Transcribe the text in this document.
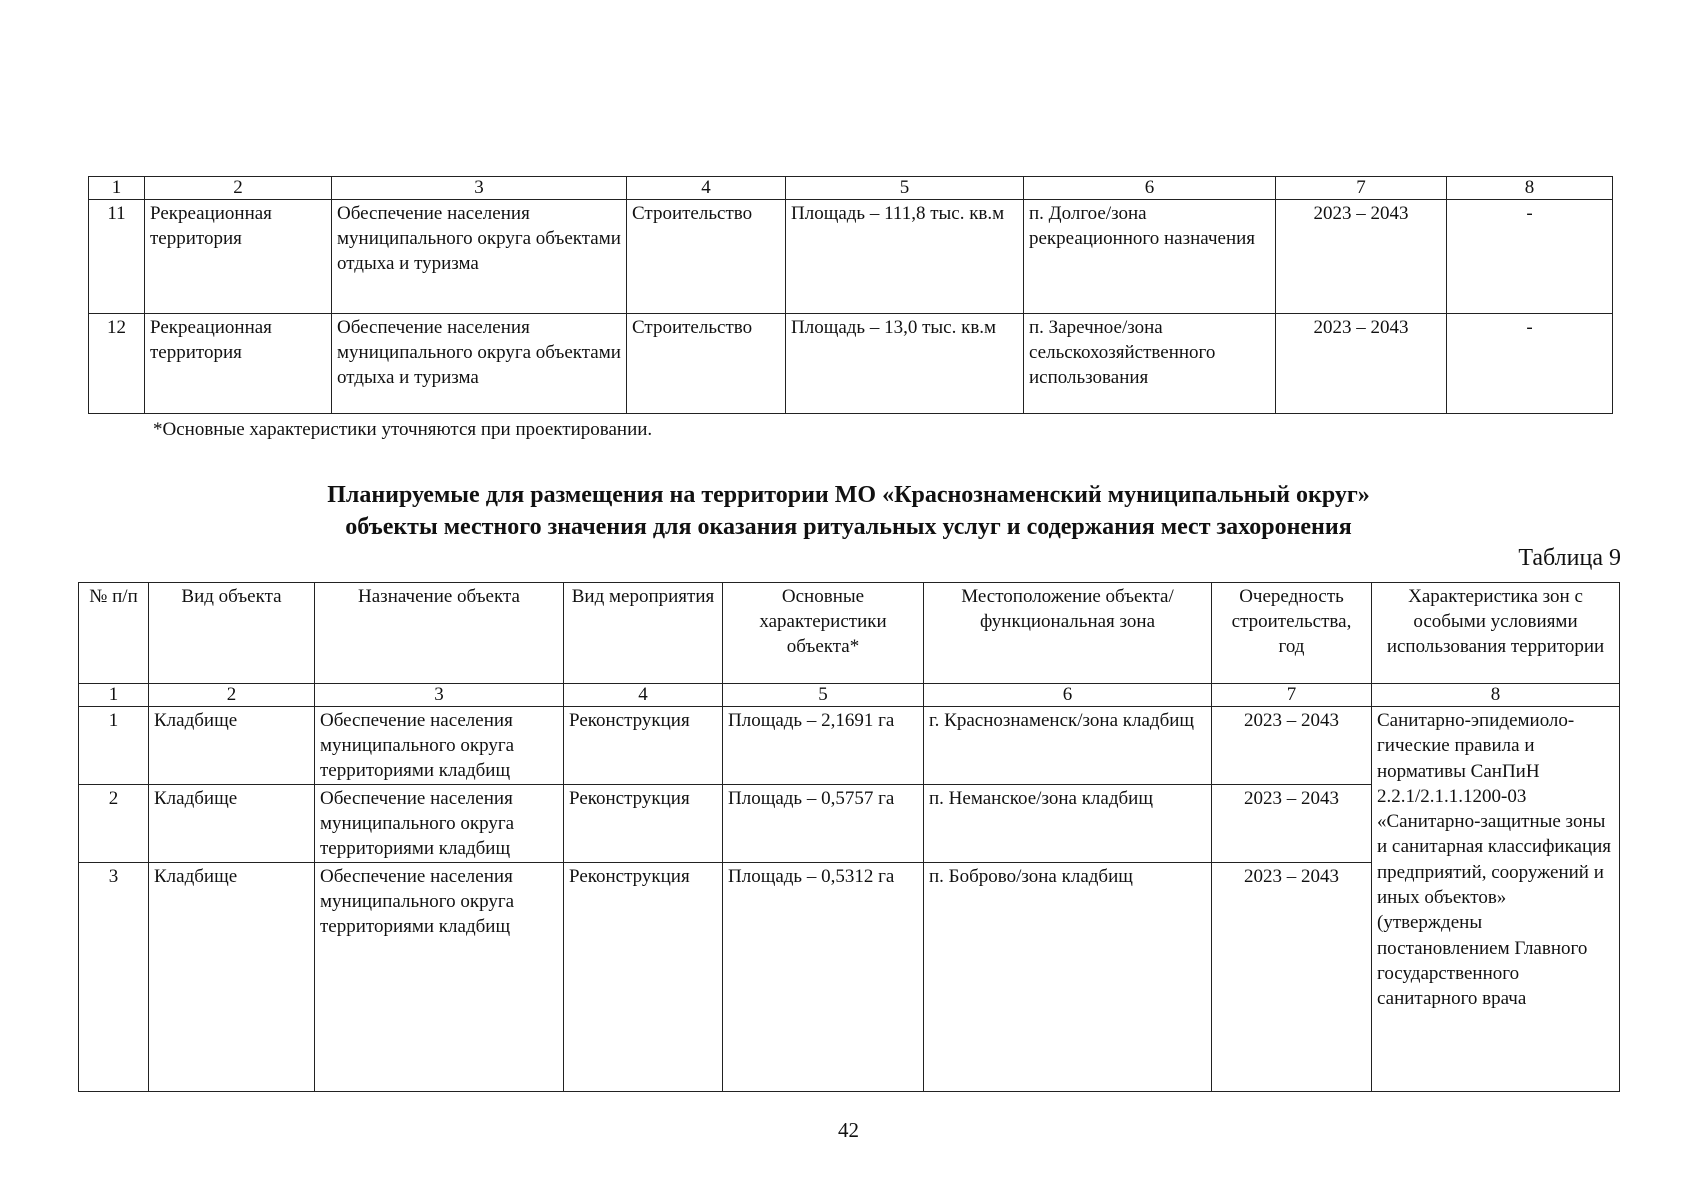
1	2	3	4	5	6	7	8
11	Рекреационная территория	Обеспечение населения муниципального округа объектами отдыха и туризма	Строительство	Площадь – 111,8 тыс. кв.м	п. Долгое/зона рекреационного назначения	2023 – 2043	-
12	Рекреационная территория	Обеспечение населения муниципального округа объектами отдыха и туризма	Строительство	Площадь – 13,0 тыс. кв.м	п. Заречное/зона сельскохозяйственного использования	2023 – 2043	-
*Основные характеристики уточняются при проектировании.
Планируемые для размещения на территории МО «Краснознаменский муниципальный округ»
объекты местного значения для оказания ритуальных услуг и содержания мест захоронения
Таблица 9
№ п/п	Вид объекта	Назначение объекта	Вид мероприятия	Основные характеристики объекта*	Местоположение объекта/ функциональная зона	Очередность строительства, год	Характеристика зон с особыми условиями использования территории
1	2	3	4	5	6	7	8
1	Кладбище	Обеспечение населения муниципального округа территориями кладбищ	Реконструкция	Площадь – 2,1691 га	г. Краснознаменск/зона кладбищ	2023 – 2043	Санитарно-эпидемиоло-гические правила и нормативы СанПиН 2.2.1/2.1.1.1200-03 «Санитарно-защитные зоны и санитарная классификация предприятий, сооружений и иных объектов» (утверждены постановлением Главного государственного санитарного врача
2	Кладбище	Обеспечение населения муниципального округа территориями кладбищ	Реконструкция	Площадь – 0,5757 га	п. Неманское/зона кладбищ	2023 – 2043	
3	Кладбище	Обеспечение населения муниципального округа территориями кладбищ	Реконструкция	Площадь – 0,5312 га	п. Боброво/зона кладбищ	2023 – 2043	
42
